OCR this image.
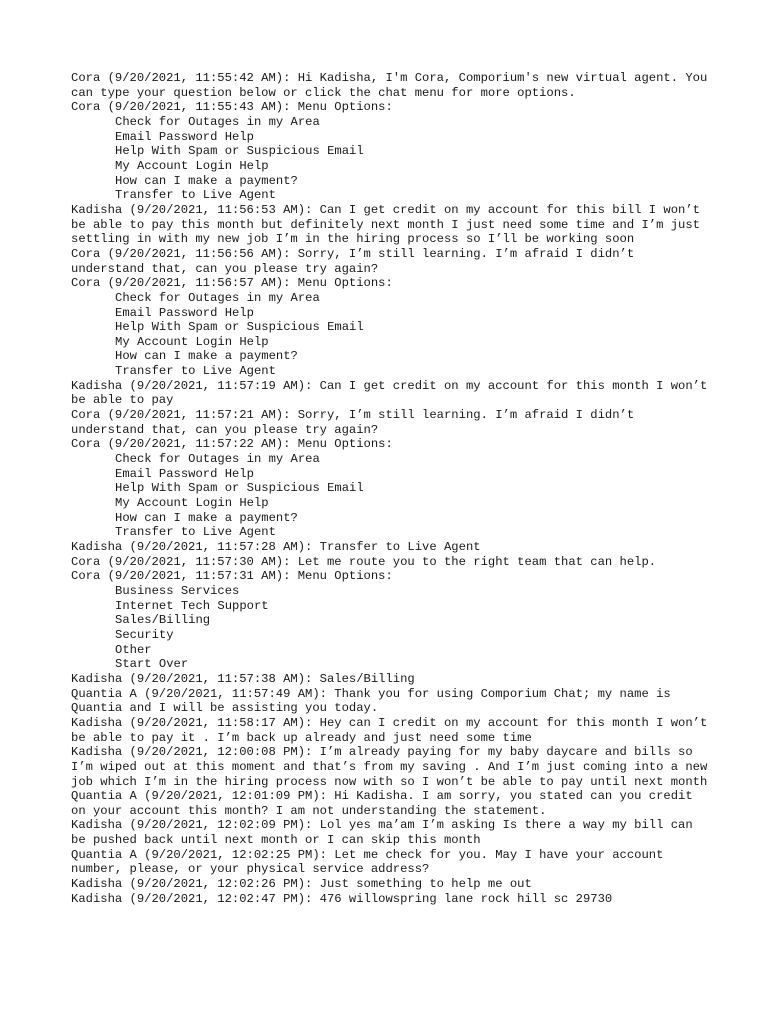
Cora (9/20/2021, 11:55:42 AM): Hi Kadisha, I'm Cora, Comporium's new virtual agent. You can type your question below or click the chat menu for more options.
Cora (9/20/2021, 11:55:43 AM): Menu Options:
Check for Outages in my Area
Email Password Help
Help With Spam or Suspicious Email
My Account Login Help
How can I make a payment?
Transfer to Live Agent
Kadisha (9/20/2021, 11:56:53 AM): Can I get credit on my account for this bill I won’t be able to pay this month but definitely next month I just need some time and I’m just settling in with my new job I’m in the hiring process so I’ll be working soon
Cora (9/20/2021, 11:56:56 AM): Sorry, I’m still learning. I’m afraid I didn’t understand that, can you please try again?
Cora (9/20/2021, 11:56:57 AM): Menu Options:
Check for Outages in my Area
Email Password Help
Help With Spam or Suspicious Email
My Account Login Help
How can I make a payment?
Transfer to Live Agent
Kadisha (9/20/2021, 11:57:19 AM): Can I get credit on my account for this month I won’t be able to pay
Cora (9/20/2021, 11:57:21 AM): Sorry, I’m still learning. I’m afraid I didn’t understand that, can you please try again?
Cora (9/20/2021, 11:57:22 AM): Menu Options:
Check for Outages in my Area
Email Password Help
Help With Spam or Suspicious Email
My Account Login Help
How can I make a payment?
Transfer to Live Agent
Kadisha (9/20/2021, 11:57:28 AM): Transfer to Live Agent
Cora (9/20/2021, 11:57:30 AM): Let me route you to the right team that can help.
Cora (9/20/2021, 11:57:31 AM): Menu Options:
Business Services
Internet Tech Support
Sales/Billing
Security
Other
Start Over
Kadisha (9/20/2021, 11:57:38 AM): Sales/Billing
Quantia A (9/20/2021, 11:57:49 AM): Thank you for using Comporium Chat; my name is Quantia and I will be assisting you today.
Kadisha (9/20/2021, 11:58:17 AM): Hey can I credit on my account for this month I won’t be able to pay it . I’m back up already and just need some time
Kadisha (9/20/2021, 12:00:08 PM): I’m already paying for my baby daycare and bills so I’m wiped out at this moment and that’s from my saving . And I’m just coming into a new job which I’m in the hiring process now with so I won’t be able to pay until next month
Quantia A (9/20/2021, 12:01:09 PM): Hi Kadisha. I am sorry, you stated can you credit on your account this month? I am not understanding the statement.
Kadisha (9/20/2021, 12:02:09 PM): Lol yes ma’am I’m asking Is there a way my bill can be pushed back until next month or I can skip this month
Quantia A (9/20/2021, 12:02:25 PM): Let me check for you. May I have your account number, please, or your physical service address?
Kadisha (9/20/2021, 12:02:26 PM): Just something to help me out
Kadisha (9/20/2021, 12:02:47 PM): 476 willowspring lane rock hill sc 29730
